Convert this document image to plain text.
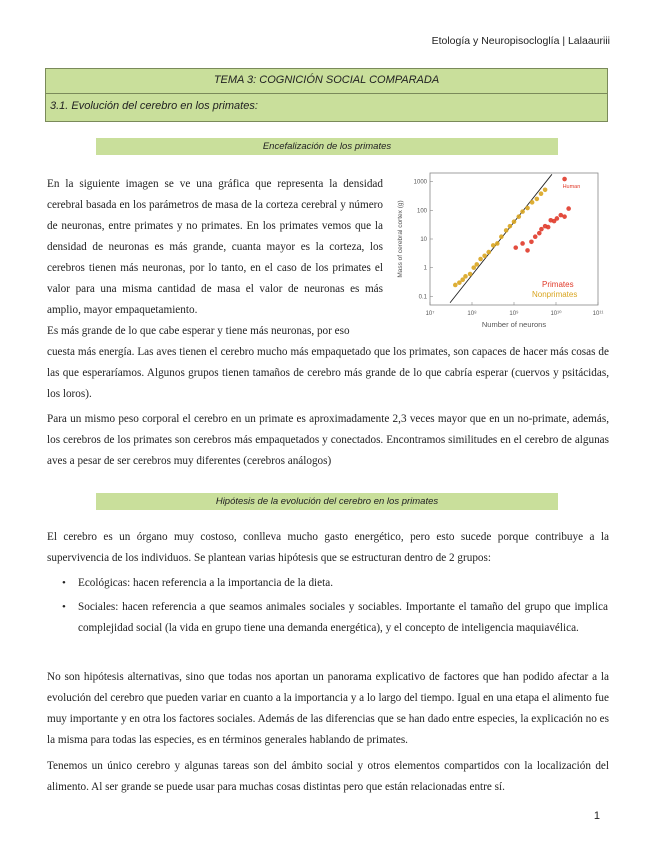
Etología y Neuropisocloglía | Lalaauriii
TEMA 3: COGNICIÓN SOCIAL COMPARADA
3.1. Evolución del cerebro en los primates:
Encefalización de los primates
En la siguiente imagen se ve una gráfica que representa la densidad cerebral basada en los parámetros de masa de la corteza cerebral y número de neuronas, entre primates y no primates. En los primates vemos que la densidad de neuronas es más grande, cuanta mayor es la corteza, los cerebros tienen más neuronas, por lo tanto, en el caso de los primates el valor para una misma cantidad de masa el valor de neuronas es más amplio, mayor empaquetamiento.	10⁷	10⁸	10⁹	10¹⁰	10¹¹
1000
100
10
1
0.1
Number of neurons
Mass of cerebral cortex (g)
Human
Primates
Nonprimates
Es más grande de lo que cabe esperar y tiene más neuronas, por eso
cuesta más energía. Las aves tienen el cerebro mucho más empaquetado que los primates, son capaces de hacer más cosas de las que esperaríamos. Algunos grupos tienen tamaños de cerebro más grande de lo que cabría esperar (cuervos y psitácidas, los loros).
Para un mismo peso corporal el cerebro en un primate es aproximadamente 2,3 veces mayor que en un no-primate, además, los cerebros de los primates son cerebros más empaquetados y conectados. Encontramos similitudes en el cerebro de algunas aves a pesar de ser cerebros muy diferentes (cerebros análogos)
Hipótesis de la evolución del cerebro en los primates
El cerebro es un órgano muy costoso, conlleva mucho gasto energético, pero esto sucede porque contribuye a la supervivencia de los individuos. Se plantean varias hipótesis que se estructuran dentro de 2 grupos:
• Ecológicas: hacen referencia a la importancia de la dieta.
• Sociales: hacen referencia a que seamos animales sociales y sociables. Importante el tamaño del grupo que implica complejidad social (la vida en grupo tiene una demanda energética), y el concepto de inteligencia maquiavélica.
No son hipótesis alternativas, sino que todas nos aportan un panorama explicativo de factores que han podido afectar a la evolución del cerebro que pueden variar en cuanto a la importancia y a lo largo del tiempo. Igual en una etapa el alimento fue muy importante y en otra los factores sociales. Además de las diferencias que se han dado entre especies, la explicación no es la misma para todas las especies, es en términos generales hablando de primates.
Tenemos un único cerebro y algunas tareas son del ámbito social y otros elementos compartidos con la localización del alimento. Al ser grande se puede usar para muchas cosas distintas pero que están relacionadas entre sí.
1
